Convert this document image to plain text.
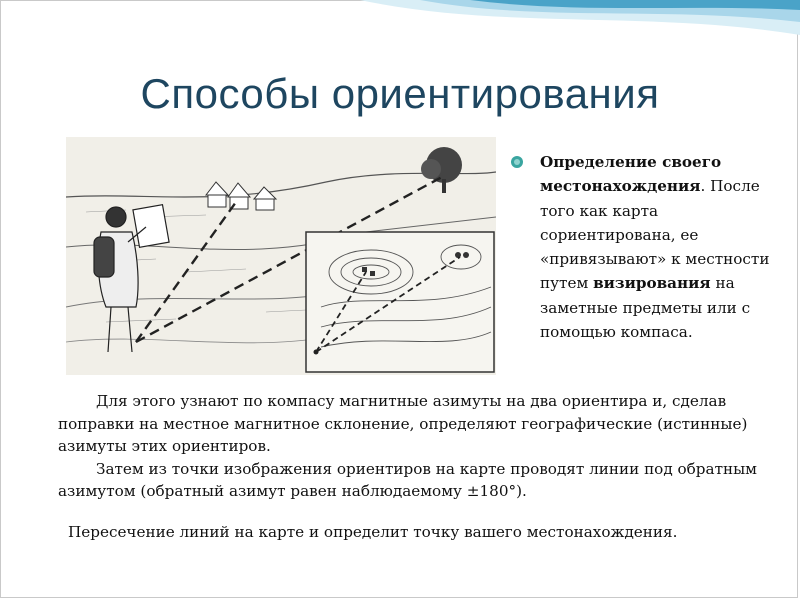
Способы ориентирования
Определение своего местонахождения. После того как карта сориентирована, ее «привязывают» к местности путем визирования на заметные предметы или с помощью компаса.

Для этого узнают по компасу магнитные азимуты на два ориентира и, сделав поправки на местное магнитное склонение, определяют географические (истинные) азимуты этих ориентиров.

Затем из точки изображения ориентиров на карте проводят линии под обратным азимутом (обратный азимут равен наблюдаемому ±180°).

Пересечение линий на карте и определит точку вашего местонахождения.
